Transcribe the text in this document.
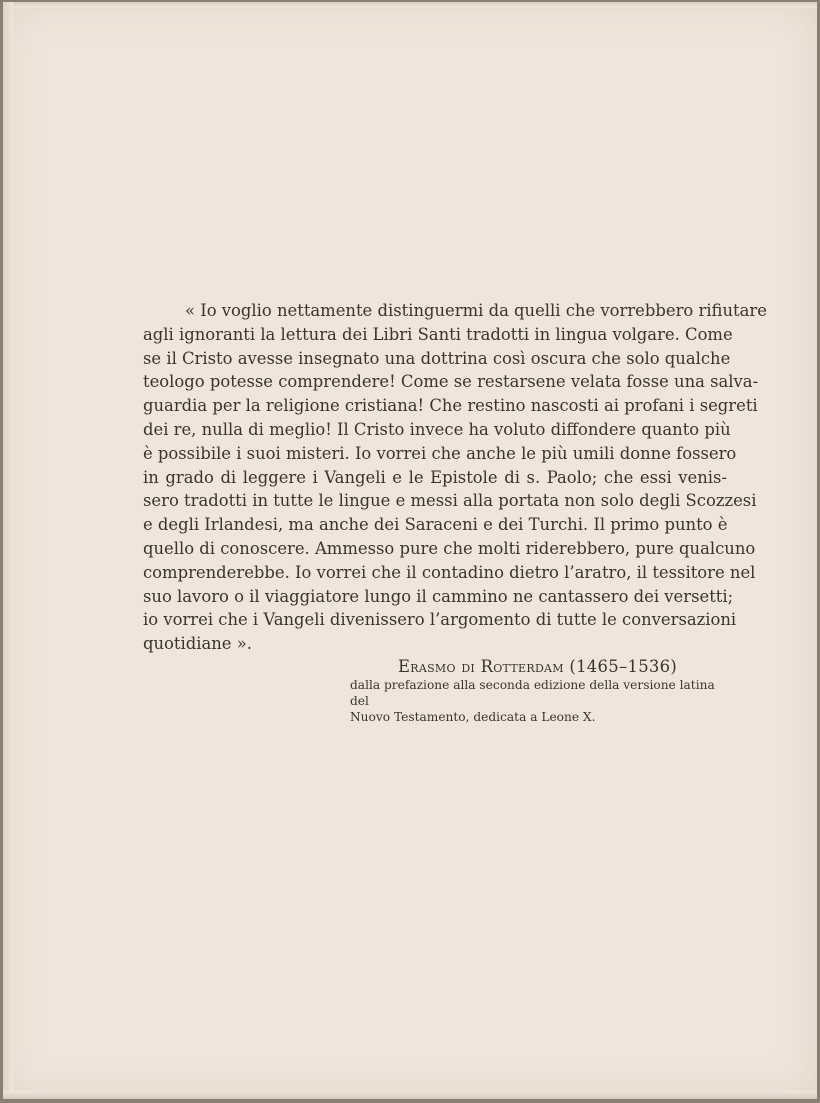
« Io voglio nettamente distinguermi da quelli che vorrebbero rifiutare
agli ignoranti la lettura dei Libri Santi tradotti in lingua volgare. Come
se il Cristo avesse insegnato una dottrina così oscura che solo qualche
teologo potesse comprendere! Come se restarsene velata fosse una salva-
guardia per la religione cristiana! Che restino nascosti ai profani i segreti
dei re, nulla di meglio! Il Cristo invece ha voluto diffondere quanto più
è possibile i suoi misteri. Io vorrei che anche le più umili donne fossero
in grado di leggere i Vangeli e le Epistole di s. Paolo; che essi venis-
sero tradotti in tutte le lingue e messi alla portata non solo degli Scozzesi
e degli Irlandesi, ma anche dei Saraceni e dei Turchi. Il primo punto è
quello di conoscere. Ammesso pure che molti riderebbero, pure qualcuno
comprenderebbe. Io vorrei che il contadino dietro l’aratro, il tessitore nel
suo lavoro o il viaggiatore lungo il cammino ne cantassero dei versetti;
io vorrei che i Vangeli divenissero l’argomento di tutte le conversazioni
quotidiane ».
Erasmo di Rotterdam (1465–1536)
dalla prefazione alla seconda edizione della versione latina del
Nuovo Testamento, dedicata a Leone X.
